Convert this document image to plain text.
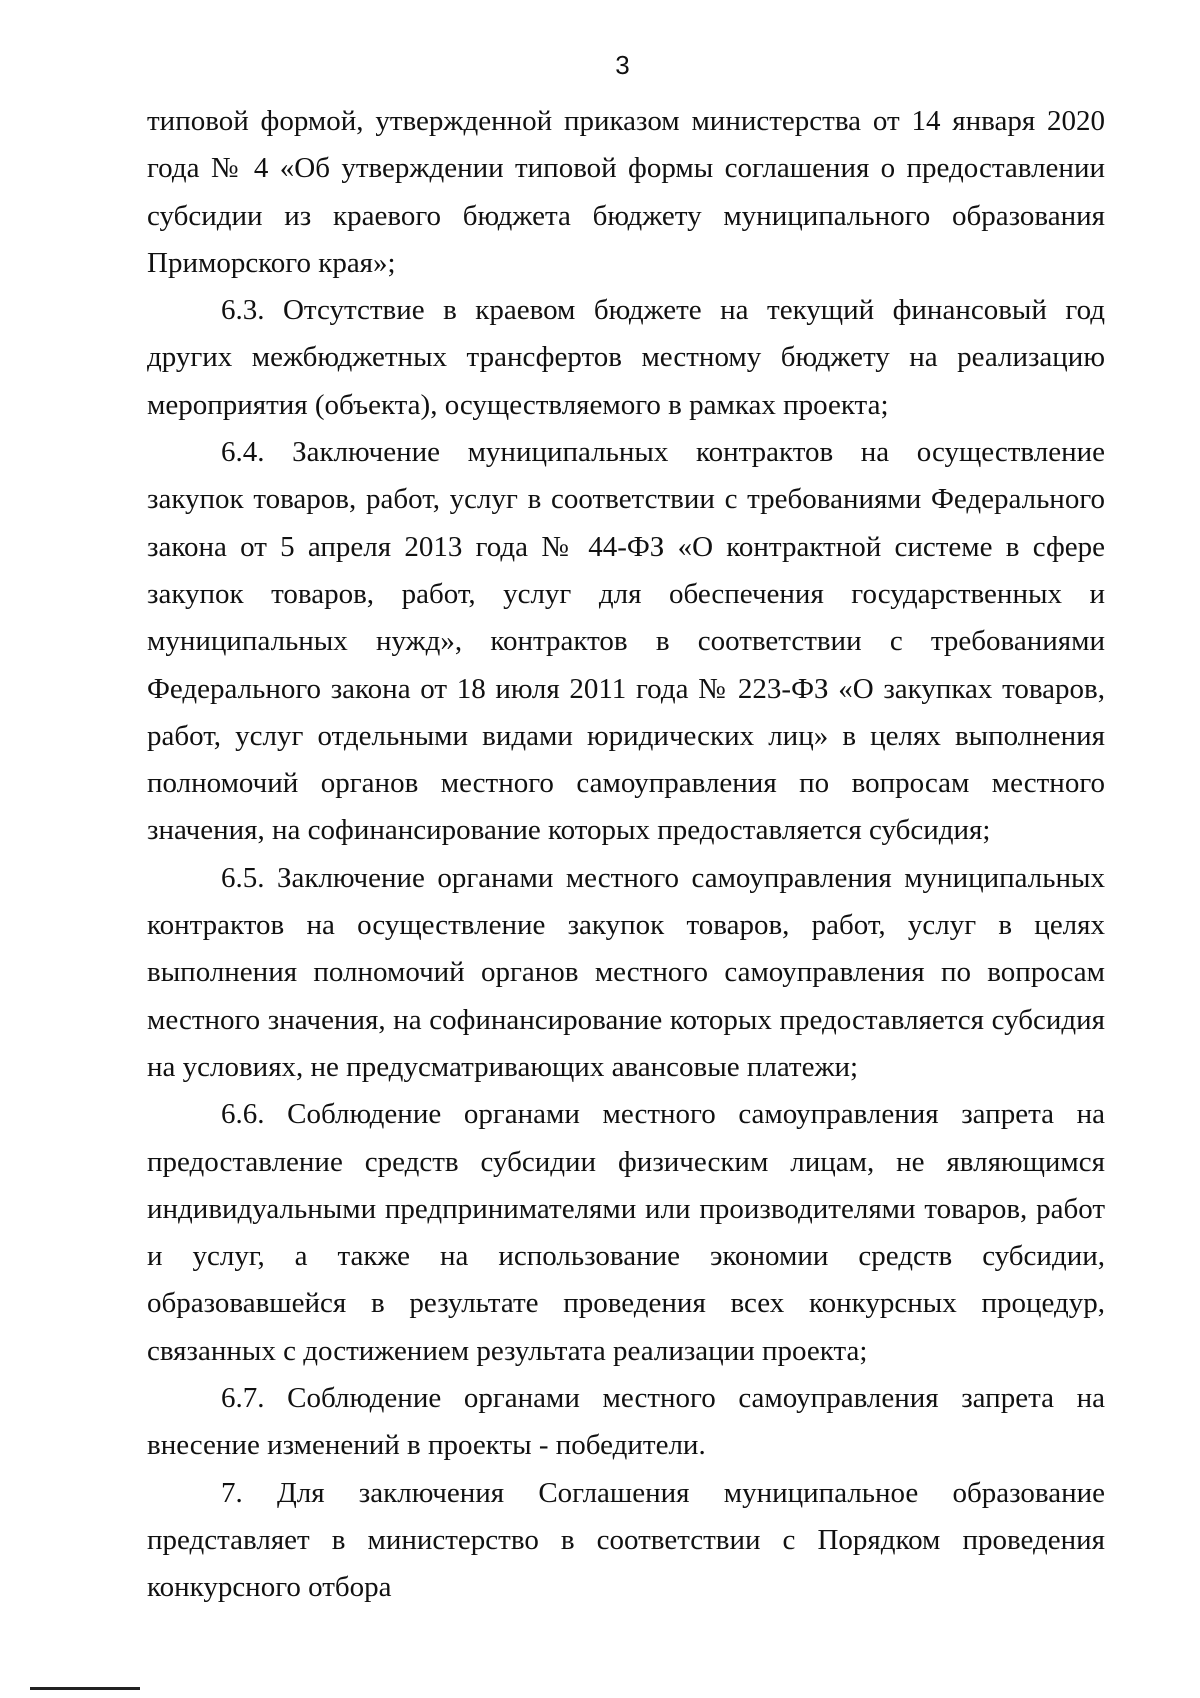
3

типовой формой, утвержденной приказом министерства от 14 января 2020 года № 4 «Об утверждении типовой формы соглашения о предоставлении субсидии из краевого бюджета бюджету муниципального образования Приморского края»;

6.3. Отсутствие в краевом бюджете на текущий финансовый год других межбюджетных трансфертов местному бюджету на реализацию мероприятия (объекта), осуществляемого в рамках проекта;

6.4. Заключение муниципальных контрактов на осуществление закупок товаров, работ, услуг в соответствии с требованиями Федерального закона от 5 апреля 2013 года № 44-ФЗ «О контрактной системе в сфере закупок товаров, работ, услуг для обеспечения государственных и муниципальных нужд», контрактов в соответствии с требованиями Федерального закона от 18 июля 2011 года № 223-ФЗ «О закупках товаров, работ, услуг отдельными видами юридических лиц» в целях выполнения полномочий органов местного самоуправления по вопросам местного значения, на софинансирование которых предоставляется субсидия;

6.5. Заключение органами местного самоуправления муниципальных контрактов на осуществление закупок товаров, работ, услуг в целях выполнения полномочий органов местного самоуправления по вопросам местного значения, на софинансирование которых предоставляется субсидия на условиях, не предусматривающих авансовые платежи;

6.6. Соблюдение органами местного самоуправления запрета на предоставление средств субсидии физическим лицам, не являющимся индивидуальными предпринимателями или производителями товаров, работ и услуг, а также на использование экономии средств субсидии, образовавшейся в результате проведения всех конкурсных процедур, связанных с достижением результата реализации проекта;

6.7. Соблюдение органами местного самоуправления запрета на внесение изменений в проекты - победители.

7. Для заключения Соглашения муниципальное образование представляет в министерство в соответствии с Порядком проведения конкурсного отбора
